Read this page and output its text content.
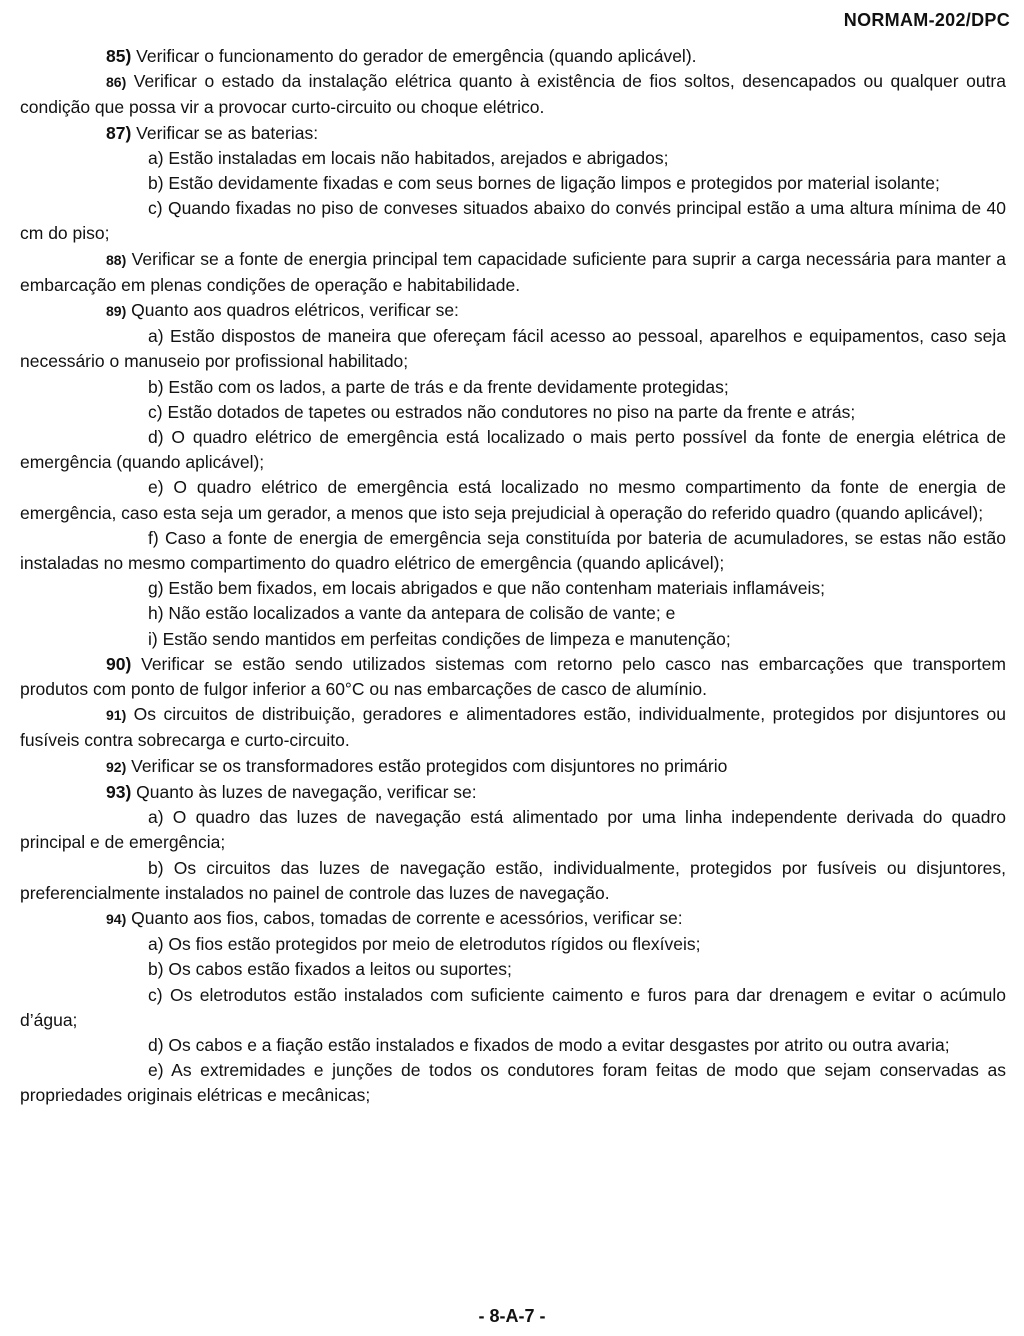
NORMAM-202/DPC

85) Verificar o funcionamento do gerador de emergência (quando aplicável).

86) Verificar o estado da instalação elétrica quanto à existência de fios soltos, desencapados ou qualquer outra condição que possa vir a provocar curto-circuito ou choque elétrico.

87) Verificar se as baterias:

a) Estão instaladas em locais não habitados, arejados e abrigados;

b) Estão devidamente fixadas e com seus bornes de ligação limpos e protegidos por material isolante;

c) Quando fixadas no piso de conveses situados abaixo do convés principal estão a uma altura mínima de 40 cm do piso;

88) Verificar se a fonte de energia principal tem capacidade suficiente para suprir a carga necessária para manter a embarcação em plenas condições de operação e habitabilidade.

89) Quanto aos quadros elétricos, verificar se:

a) Estão dispostos de maneira que ofereçam fácil acesso ao pessoal, aparelhos e equipamentos, caso seja necessário o manuseio por profissional habilitado;

b) Estão com os lados, a parte de trás e da frente devidamente protegidas;

c) Estão dotados de tapetes ou estrados não condutores no piso na parte da frente e atrás;

d) O quadro elétrico de emergência está localizado o mais perto possível da fonte de energia elétrica de emergência (quando aplicável);

e) O quadro elétrico de emergência está localizado no mesmo compartimento da fonte de energia de emergência, caso esta seja um gerador, a menos que isto seja prejudicial à operação do referido quadro (quando aplicável);

f) Caso a fonte de energia de emergência seja constituída por bateria de acumuladores, se estas não estão instaladas no mesmo compartimento do quadro elétrico de emergência (quando aplicável);

g) Estão bem fixados, em locais abrigados e que não contenham materiais inflamáveis;

h) Não estão localizados a vante da antepara de colisão de vante; e

i) Estão sendo mantidos em perfeitas condições de limpeza e manutenção;

90) Verificar se estão sendo utilizados sistemas com retorno pelo casco nas embarcações que transportem produtos com ponto de fulgor inferior a 60°C ou nas embarcações de casco de alumínio.

91) Os circuitos de distribuição, geradores e alimentadores estão, individualmente, protegidos por disjuntores ou fusíveis contra sobrecarga e curto-circuito.

92) Verificar se os transformadores estão protegidos com disjuntores no primário

93) Quanto às luzes de navegação, verificar se:

a) O quadro das luzes de navegação está alimentado por uma linha independente derivada do quadro principal e de emergência;

b) Os circuitos das luzes de navegação estão, individualmente, protegidos por fusíveis ou disjuntores, preferencialmente instalados no painel de controle das luzes de navegação.

94) Quanto aos fios, cabos, tomadas de corrente e acessórios, verificar se:

a) Os fios estão protegidos por meio de eletrodutos rígidos ou flexíveis;

b) Os cabos estão fixados a leitos ou suportes;

c) Os eletrodutos estão instalados com suficiente caimento e furos para dar drenagem e evitar o acúmulo d’água;

d) Os cabos e a fiação estão instalados e fixados de modo a evitar desgastes por atrito ou outra avaria;

e) As extremidades e junções de todos os condutores foram feitas de modo que sejam conservadas as propriedades originais elétricas e mecânicas;

- 8-A-7 -
